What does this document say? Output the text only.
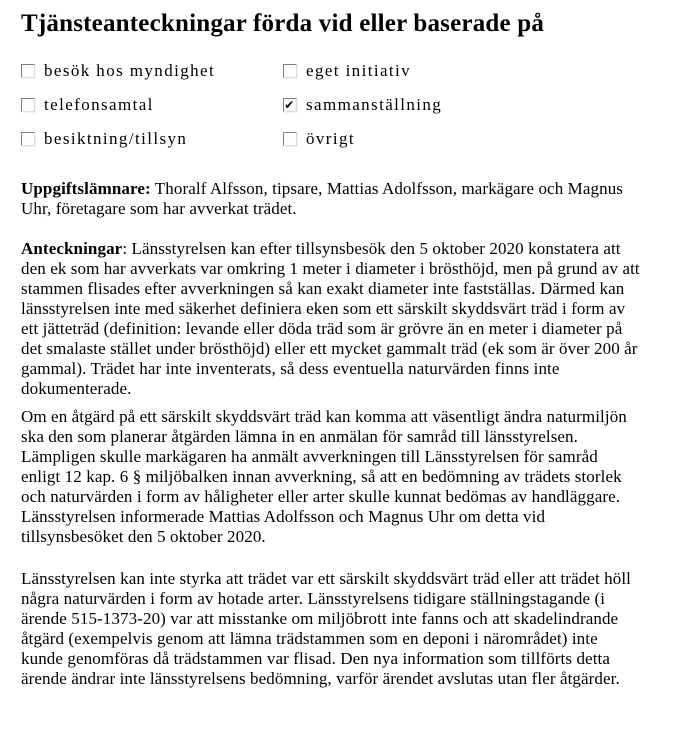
Tjänsteanteckningar förda vid eller baserade på
besök hos myndighet	eget initiativ
telefonsamtal	✔ sammanställning
besiktning/tillsyn	övrigt

Uppgiftslämnare: Thoralf Alfsson, tipsare, Mattias Adolfsson, markägare och Magnus Uhr, företagare som har avverkat trädet.

Anteckningar: Länsstyrelsen kan efter tillsynsbesök den 5 oktober 2020 konstatera att den ek som har avverkats var omkring 1 meter i diameter i brösthöjd, men på grund av att stammen flisades efter avverkningen så kan exakt diameter inte fastställas. Därmed kan länsstyrelsen inte med säkerhet definiera eken som ett särskilt skyddsvärt träd i form av ett jätteträd (definition: levande eller döda träd som är grövre än en meter i diameter på det smalaste stället under brösthöjd) eller ett mycket gammalt träd (ek som är över 200 år gammal). Trädet har inte inventerats, så dess eventuella naturvärden finns inte dokumenterade.

Om en åtgärd på ett särskilt skyddsvärt träd kan komma att väsentligt ändra naturmiljön ska den som planerar åtgärden lämna in en anmälan för samråd till länsstyrelsen. Lämpligen skulle markägaren ha anmält avverkningen till Länsstyrelsen för samråd enligt 12 kap. 6 § miljöbalken innan avverkning, så att en bedömning av trädets storlek och naturvärden i form av håligheter eller arter skulle kunnat bedömas av handläggare. Länsstyrelsen informerade Mattias Adolfsson och Magnus Uhr om detta vid tillsynsbesöket den 5 oktober 2020.

Länsstyrelsen kan inte styrka att trädet var ett särskilt skyddsvärt träd eller att trädet höll några naturvärden i form av hotade arter. Länsstyrelsens tidigare ställningstagande (i ärende 515-1373-20) var att misstanke om miljöbrott inte fanns och att skadelindrande åtgärd (exempelvis genom att lämna trädstammen som en deponi i närområdet) inte kunde genomföras då trädstammen var flisad. Den nya information som tillförts detta ärende ändrar inte länsstyrelsens bedömning, varför ärendet avslutas utan fler åtgärder.
